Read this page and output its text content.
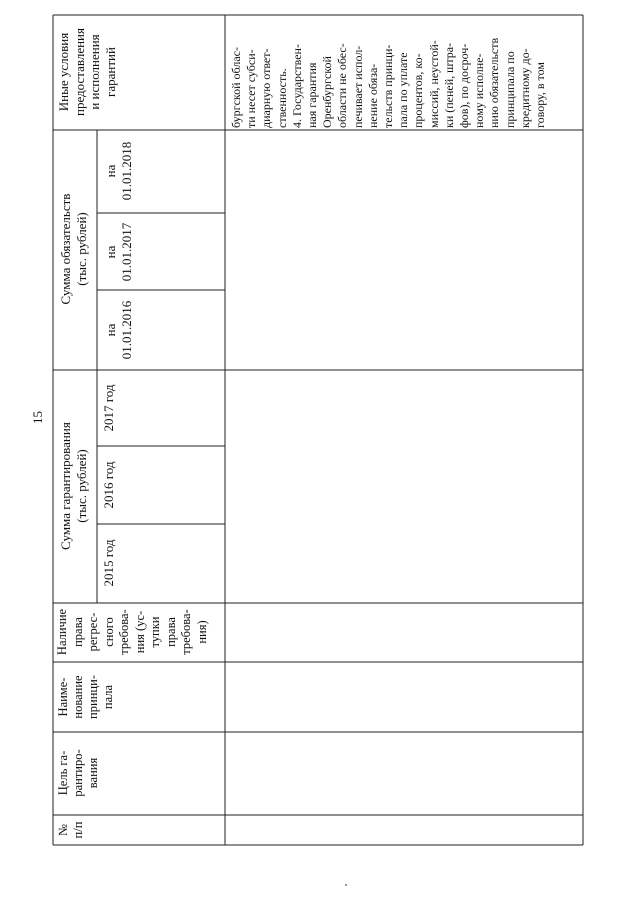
15
№ п/п
Цель га- рантиро- вания
Наиме- нование принци- пала
Наличие права регрес- сного требова- ния (ус- тупки права требова- ния)
Сумма гарантирования (тыс. рублей)
2015 год
2016 год
2017 год
Сумма обязательств (тыс. рублей)
на 01.01.2016
на 01.01.2017
на 01.01.2018
Иные условия предоставления и исполнения гарантий	бургской облас- ти несет субси- диарную ответ- ственность. 4. Государствен- ная гарантия Оренбургской области не обес- печивает испол- нение обяза- тельств принци- пала по уплате процентов, ко- миссий, неустой- ки (пеней, штра- фов), по досроч- ному исполне- нию обязательств принципала по кредитному до- говору, в том
